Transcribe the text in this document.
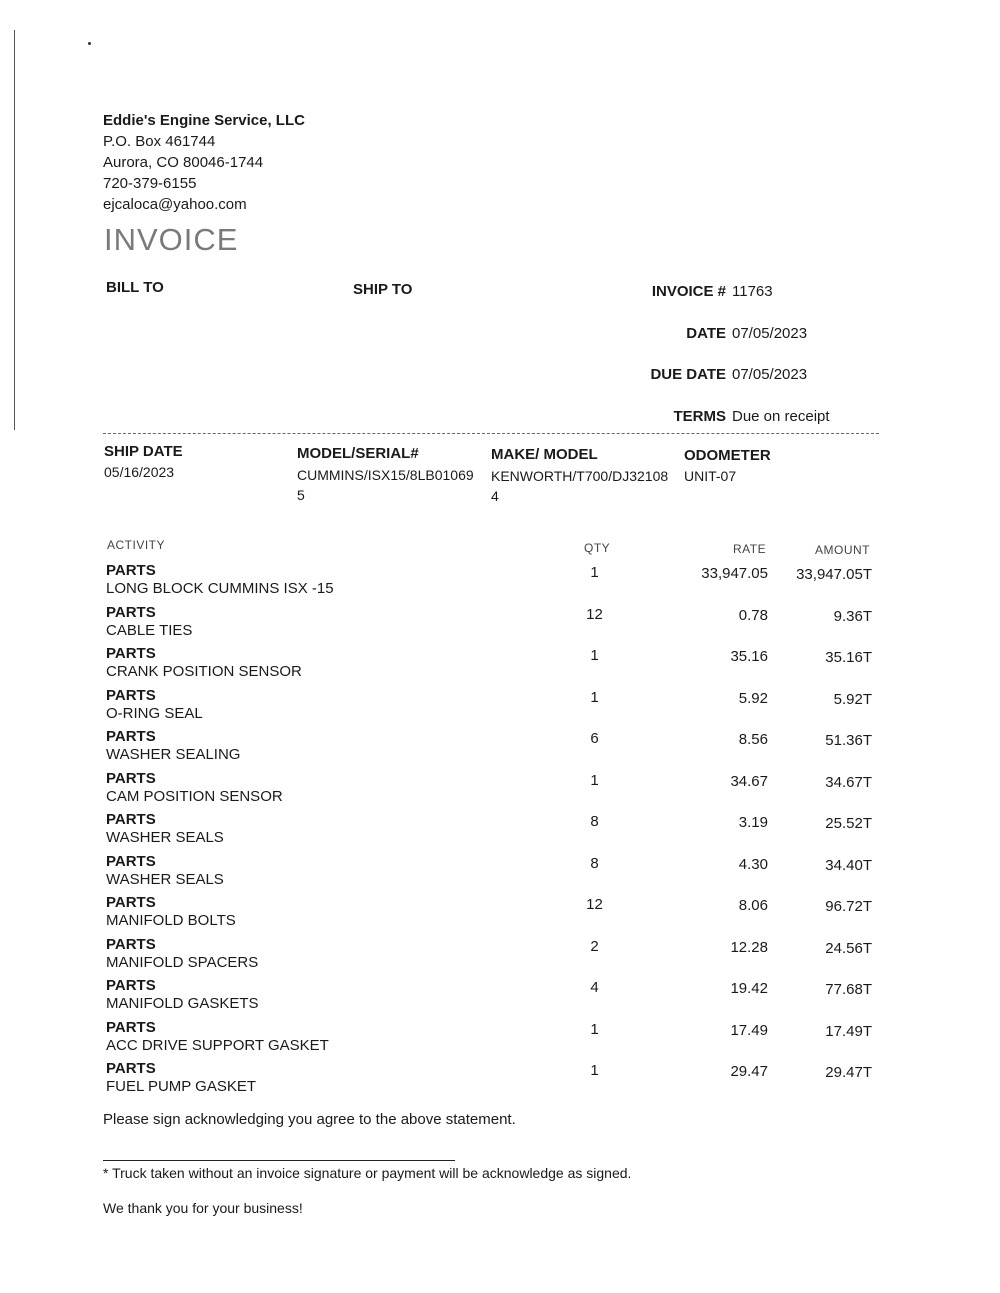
Eddie's Engine Service, LLC
P.O. Box 461744
Aurora, CO 80046-1744
720-379-6155
ejcaloca@yahoo.com
INVOICE
BILL TO	SHIP TO	INVOICE # 11763
DATE 07/05/2023
DUE DATE 07/05/2023
TERMS Due on receipt
SHIP DATE
05/16/2023
MODEL/SERIAL#
CUMMINS/ISX15/8LB01069
5
MAKE/ MODEL
KENWORTH/T700/DJ32108
4
ODOMETER
UNIT-07
ACTIVITY	QTY	RATE	AMOUNT
PARTS
LONG BLOCK CUMMINS ISX -15
1	33,947.05	33,947.05T
PARTS
CABLE TIES
12	0.78	9.36T
PARTS
CRANK POSITION SENSOR
1	35.16	35.16T
PARTS
O-RING SEAL
1	5.92	5.92T
PARTS
WASHER SEALING
6	8.56	51.36T
PARTS
CAM POSITION SENSOR
1	34.67	34.67T
PARTS
WASHER SEALS
8	3.19	25.52T
PARTS
WASHER SEALS
8	4.30	34.40T
PARTS
MANIFOLD BOLTS
12	8.06	96.72T
PARTS
MANIFOLD SPACERS
2	12.28	24.56T
PARTS
MANIFOLD GASKETS
4	19.42	77.68T
PARTS
ACC DRIVE SUPPORT GASKET
1	17.49	17.49T
PARTS
FUEL PUMP GASKET
1	29.47	29.47T
Please sign acknowledging you agree to the above statement.
* Truck taken without an invoice signature or payment will be acknowledge as signed.
We thank you for your business!
